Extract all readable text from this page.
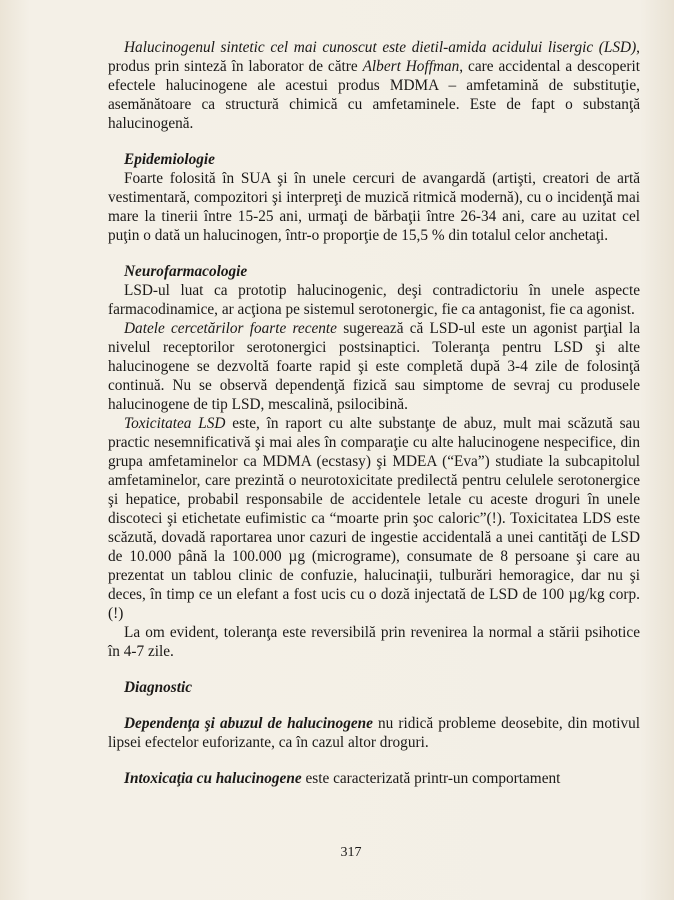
Halucinogenul sintetic cel mai cunoscut este dietil-amida acidului lisergic (LSD), produs prin sinteză în laborator de către Albert Hoffman, care accidental a descoperit efectele halucinogene ale acestui produs MDMA – amfetamină de substituţie, asemănătoare ca structură chimică cu amfetaminele. Este de fapt o substanţă halucinogenă.

Epidemiologie

Foarte folosită în SUA şi în unele cercuri de avangardă (artişti, creatori de artă vestimentară, compozitori şi interpreţi de muzică ritmică modernă), cu o incidenţă mai mare la tinerii între 15-25 ani, urmaţi de bărbaţii între 26-34 ani, care au uzitat cel puţin o dată un halucinogen, într-o proporţie de 15,5 % din totalul celor anchetaţi.

Neurofarmacologie

LSD-ul luat ca prototip halucinogenic, deşi contradictoriu în unele aspecte farmacodinamice, ar acţiona pe sistemul serotonergic, fie ca antagonist, fie ca agonist.

Datele cercetărilor foarte recente sugerează că LSD-ul este un agonist parţial la nivelul receptorilor serotonergici postsinaptici. Toleranţa pentru LSD şi alte halucinogene se dezvoltă foarte rapid şi este completă după 3-4 zile de folosinţă continuă. Nu se observă dependenţă fizică sau simptome de sevraj cu produsele halucinogene de tip LSD, mescalină, psilocibină.

Toxicitatea LSD este, în raport cu alte substanţe de abuz, mult mai scăzută sau practic nesemnificativă şi mai ales în comparaţie cu alte halucinogene nespecifice, din grupa amfetaminelor ca MDMA (ecstasy) şi MDEA (“Eva”) studiate la subcapitolul amfetaminelor, care prezintă o neurotoxicitate predilectă pentru celulele serotonergice şi hepatice, probabil responsabile de accidentele letale cu aceste droguri în unele discoteci şi etichetate eufimistic ca “moarte prin şoc caloric”(!). Toxicitatea LDS este scăzută, dovadă raportarea unor cazuri de ingestie accidentală a unei cantităţi de LSD de 10.000 până la 100.000 µg (micrograme), consumate de 8 persoane şi care au prezentat un tablou clinic de confuzie, halucinaţii, tulburări hemoragice, dar nu şi deces, în timp ce un elefant a fost ucis cu o doză injectată de LSD de 100 µg/kg corp.(!)

La om evident, toleranţa este reversibilă prin revenirea la normal a stării psihotice în 4-7 zile.

Diagnostic

Dependenţa şi abuzul de halucinogene nu ridică probleme deosebite, din motivul lipsei efectelor euforizante, ca în cazul altor droguri.

Intoxicaţia cu halucinogene este caracterizată printr-un comportament

317
